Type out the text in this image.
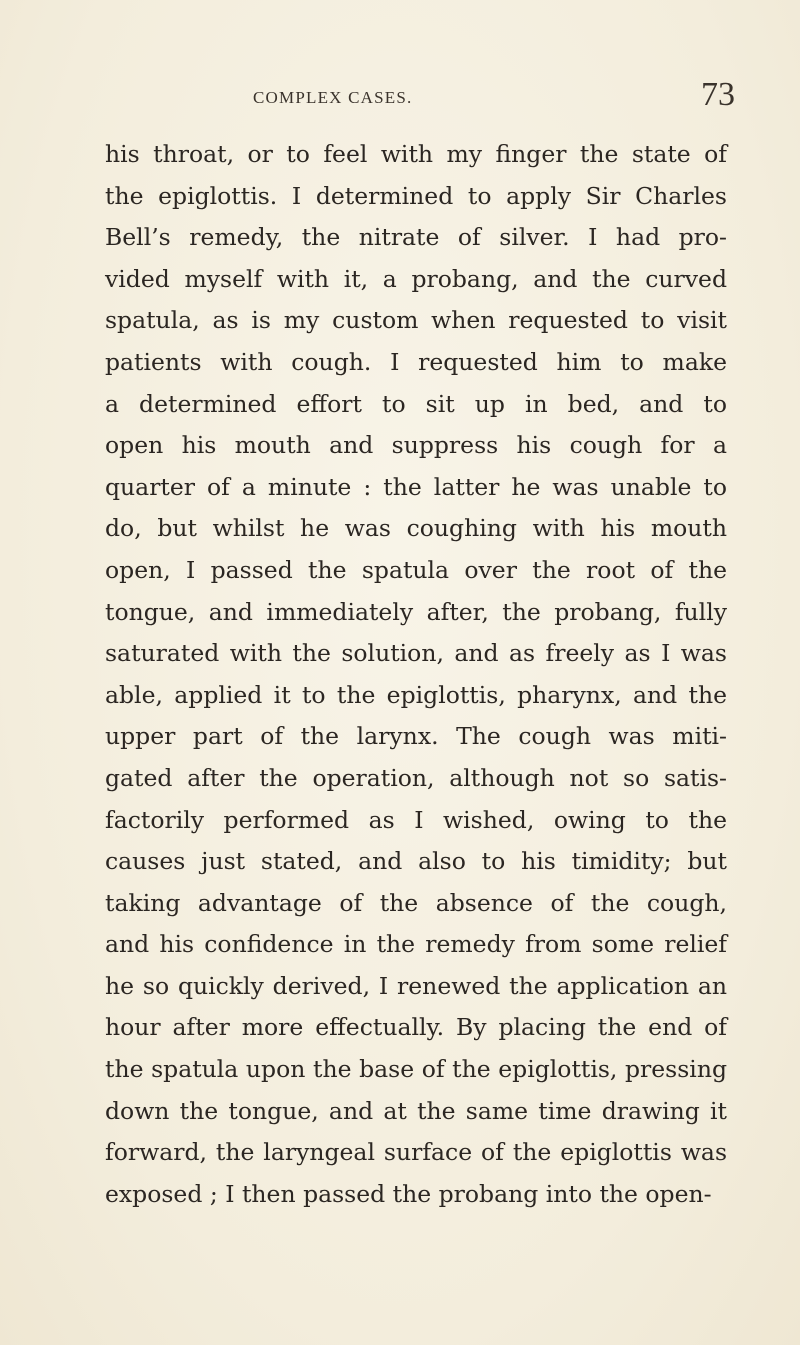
COMPLEX CASES.	73
his throat, or to feel with my finger the state of
the epiglottis. I determined to apply Sir Charles
Bell’s remedy, the nitrate of silver. I had pro-
vided myself with it, a probang, and the curved
spatula, as is my custom when requested to visit
patients with cough. I requested him to make
a determined effort to sit up in bed, and to
open his mouth and suppress his cough for a
quarter of a minute : the latter he was unable to
do, but whilst he was coughing with his mouth
open, I passed the spatula over the root of the
tongue, and immediately after, the probang, fully
saturated with the solution, and as freely as I was
able, applied it to the epiglottis, pharynx, and the
upper part of the larynx. The cough was miti-
gated after the operation, although not so satis-
factorily performed as I wished, owing to the
causes just stated, and also to his timidity; but
taking advantage of the absence of the cough,
and his confidence in the remedy from some relief
he so quickly derived, I renewed the application an
hour after more effectually. By placing the end of
the spatula upon the base of the epiglottis, pressing
down the tongue, and at the same time drawing it
forward, the laryngeal surface of the epiglottis was
exposed ; I then passed the probang into the open-
